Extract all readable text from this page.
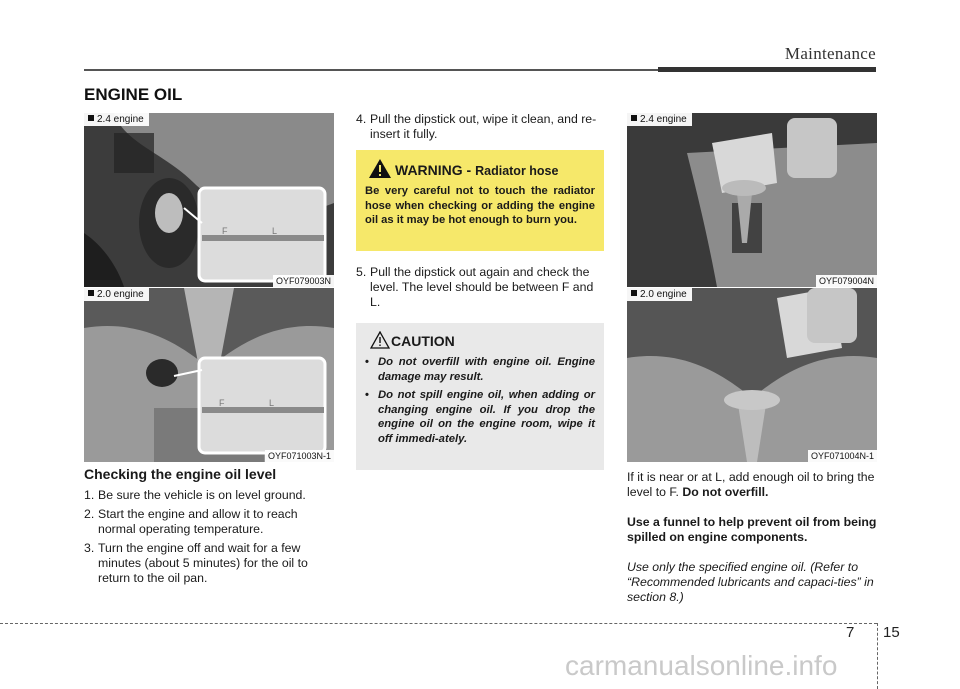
Maintenance
ENGINE OIL
F	L
2.4 engine
OYF079003N
F	L
2.0 engine
OYF071003N-1
Checking the engine oil level
1. Be sure the vehicle is on level ground.
2. Start the engine and allow it to reach normal operating temperature.
3. Turn the engine off and wait for a few minutes (about 5 minutes) for the oil to return to the oil pan.
4. Pull the dipstick out, wipe it clean, and re-insert it fully.
WARNING - Radiator hose
Be very careful not to touch the radiator hose when checking or adding the engine oil as it may be hot enough to burn you.
5. Pull the dipstick out again and check the level. The level should be between F and L.
CAUTION
• Do not overfill with engine oil. Engine damage may result.
• Do not spill engine oil, when adding or changing engine oil. If you drop the engine oil on the engine room, wipe it off immedi-ately.
2.4 engine
OYF079004N
2.0 engine
OYF071004N-1

If it is near or at L, add enough oil to bring the level to F. Do not overfill.

Use a funnel to help prevent oil from being spilled on engine components.

Use only the specified engine oil. (Refer to “Recommended lubricants and capaci-ties” in section 8.)

7 15
carmanualsonline.info
